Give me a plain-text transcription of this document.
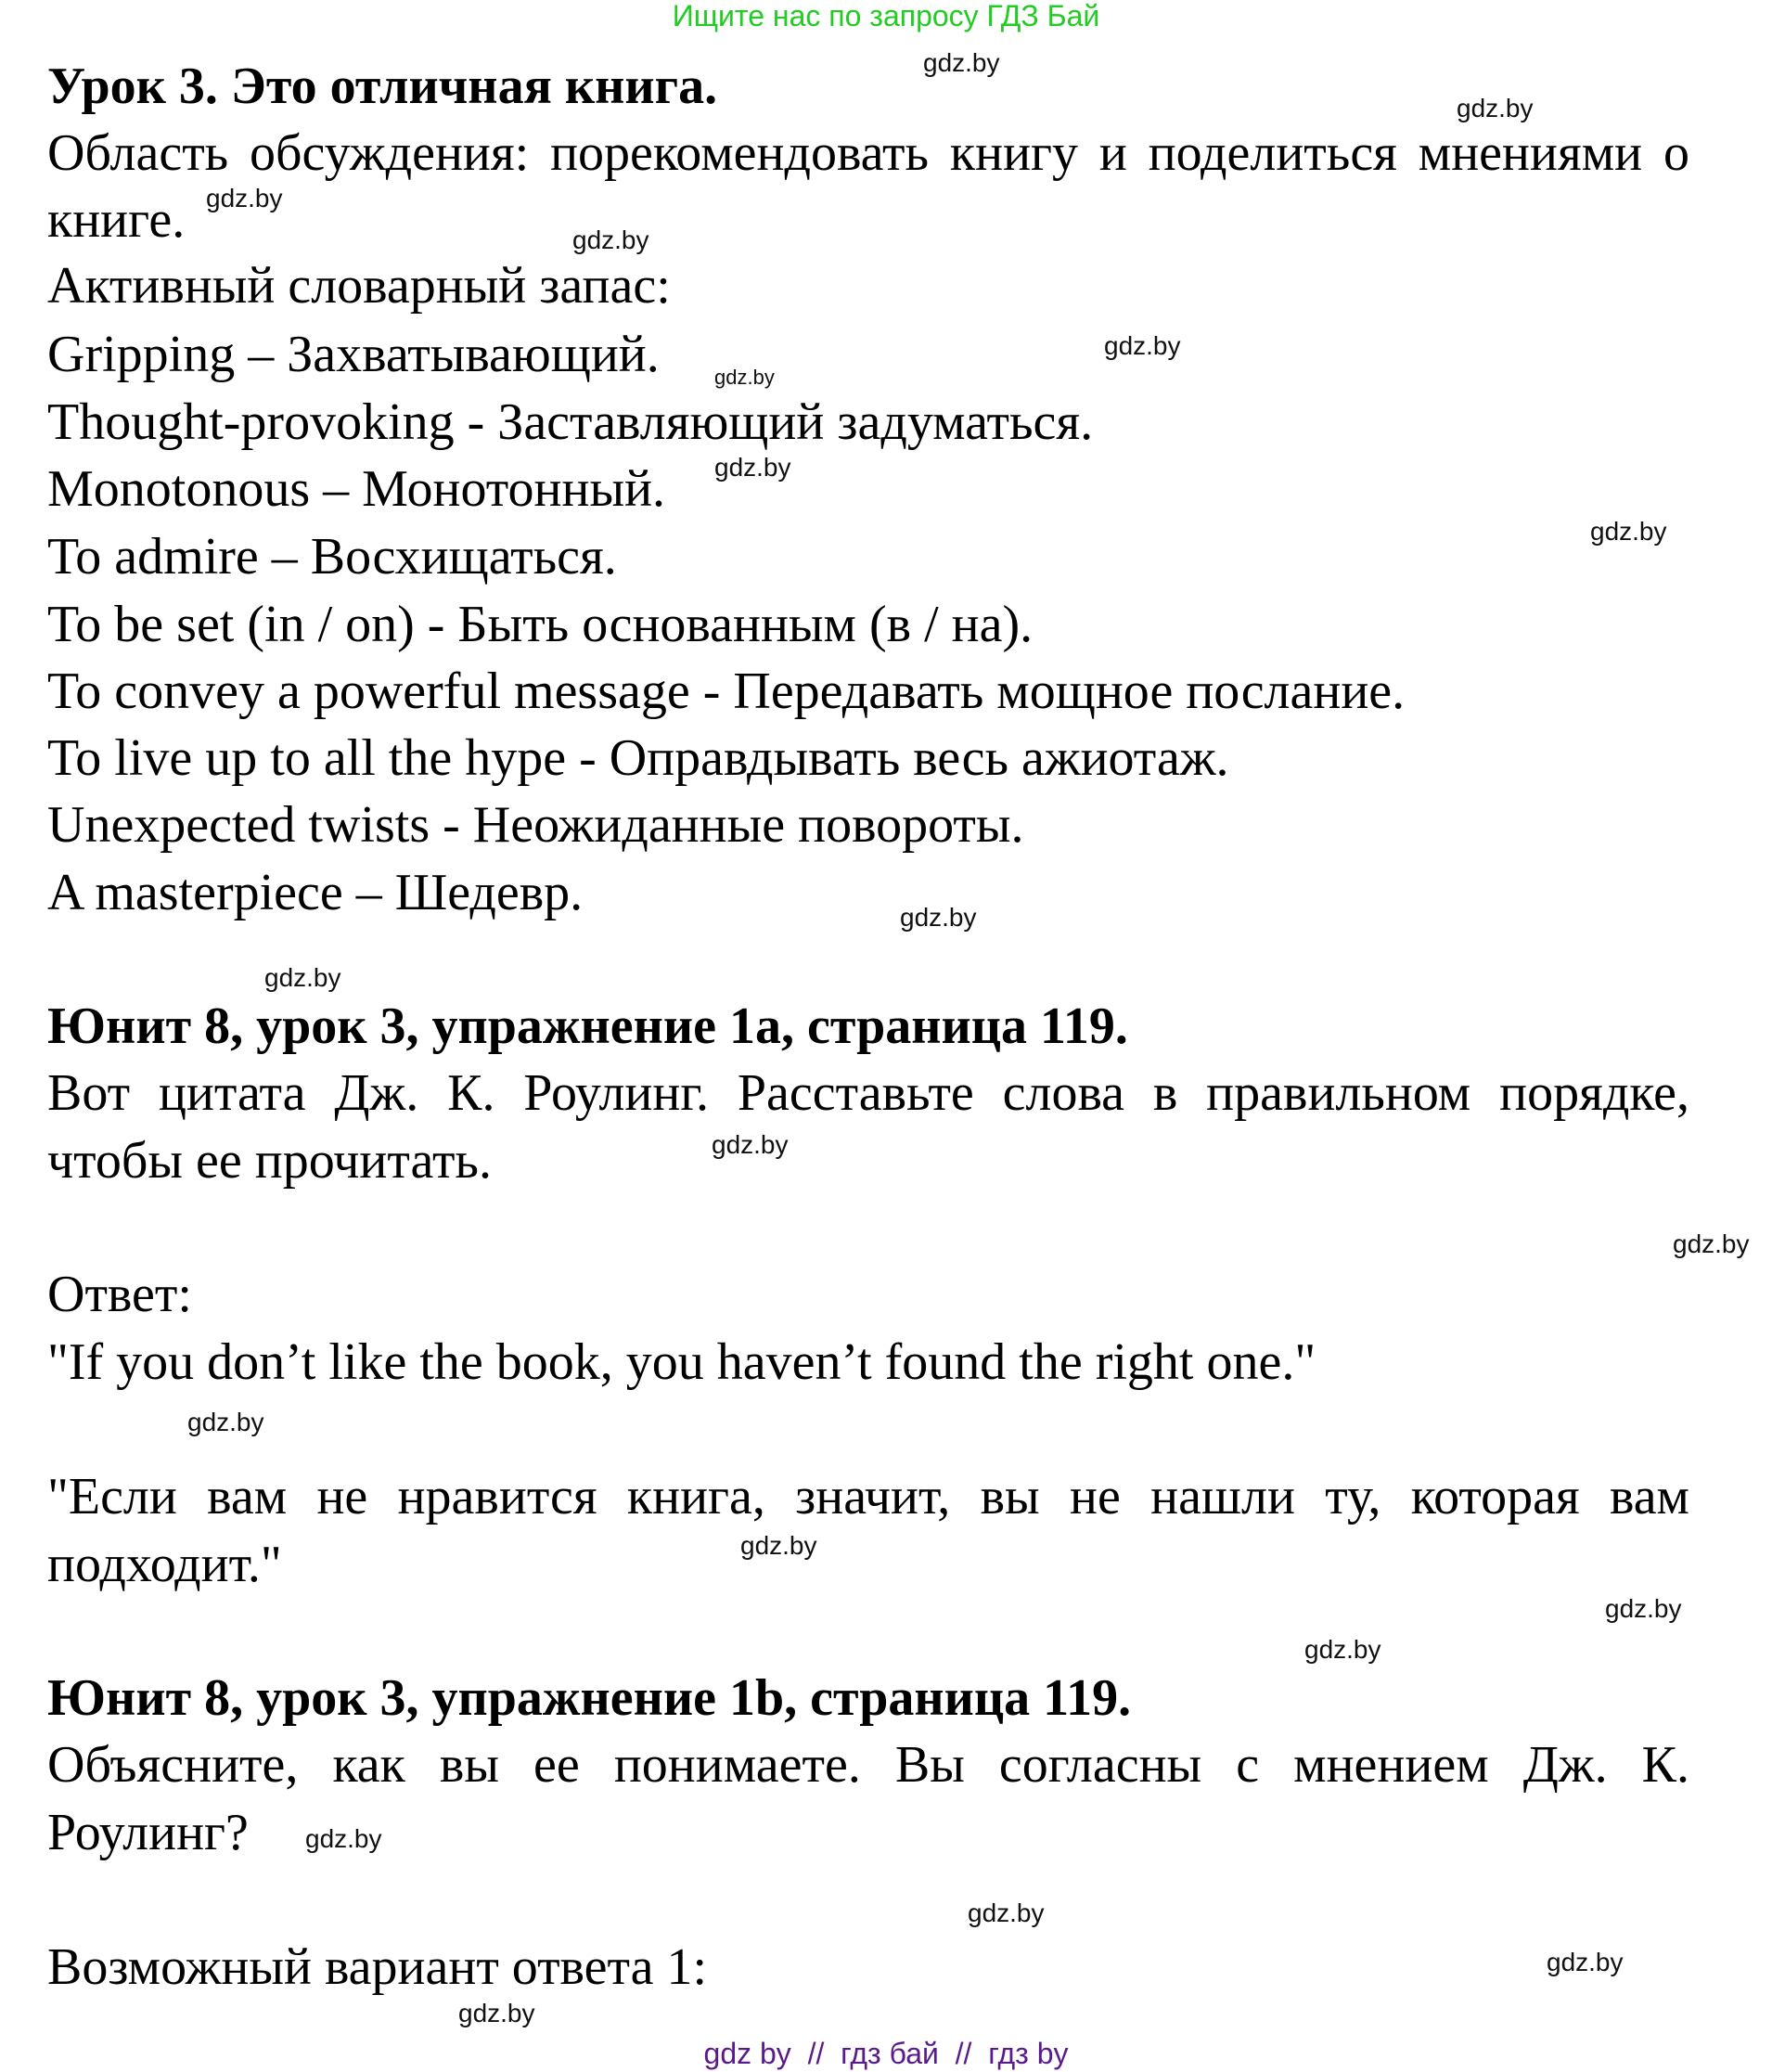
Ищите нас по запросу ГДЗ Бай
Урок 3. Это отличная книга.
Область обсуждения: порекомендовать книгу и поделиться мнениями о
книге.
Активный словарный запас:
Gripping – Захватывающий.
Thought-provoking - Заставляющий задуматься.
Monotonous – Монотонный.
To admire – Восхищаться.
To be set (in / on) - Быть основанным (в / на).
To convey a powerful message - Передавать мощное послание.
To live up to all the hype - Оправдывать весь ажиотаж.
Unexpected twists - Неожиданные повороты.
A masterpiece – Шедевр.
Юнит 8, урок 3, упражнение 1a, страница 119.
Вот цитата Дж. К. Роулинг. Расставьте слова в правильном порядке,
чтобы ее прочитать.
Ответ:
"If you don’t like the book, you haven’t found the right one."
"Если вам не нравится книга, значит, вы не нашли ту, которая вам
подходит."
Юнит 8, урок 3, упражнение 1b, страница 119.
Объясните, как вы ее понимаете. Вы согласны с мнением Дж. К.
Роулинг?
Возможный вариант ответа 1:
gdz.by
gdz.by
gdz.by
gdz.by
gdz.by
gdz.by
gdz.by
gdz.by
gdz.by
gdz.by
gdz.by
gdz.by
gdz.by
gdz.by
gdz.by
gdz.by
gdz.by
gdz.by
gdz.by
gdz.by
gdz by  //  гдз бай  //  гдз by
